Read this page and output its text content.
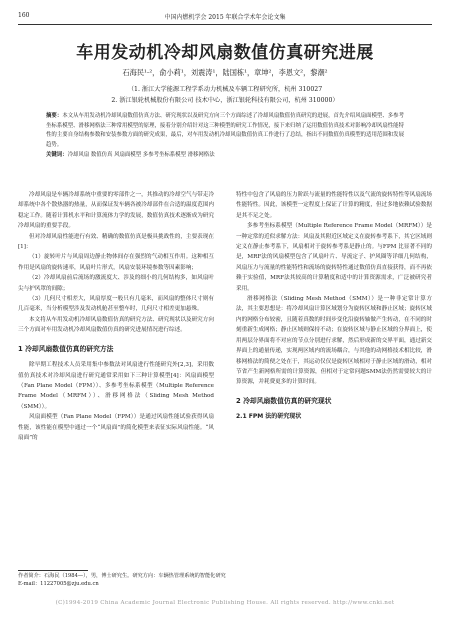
160	中国内燃机学会 2015 年联合学术年会论文集
车用发动机冷却风扇数值仿真研究进展
石海民¹·²，俞小莉¹，刘震涛¹，陆国栋¹，章坤²，李恩文²，黎潮²
（1. 浙江大学能源工程学系动力机械及车辆工程研究所，杭州 310027
2. 浙江银轮机械股份有限公司 技术中心，浙江银轮科技有限公司，杭州 310000）
摘要：本文从车用发动机冷却风扇数值仿真方法、研究现状以及研究方向三个方面综述了冷却风扇数值仿真研究的进展，首先介绍风扇面模型、多参考坐标系模型、滑移网格法三种常用模型的原理，接着分别介绍针对这三种模型的研究工作情况，接下来归纳了运用数值仿真技术对影响冷却风扇性能特性的主要自身结构参数和安装参数方面的研究成果，最后，对车用发动机冷却风扇数值仿真工作进行了总结，指出不同数值仿真模型的适用范围和发展趋势。
关键词：冷却风扇 数值仿真 风扇面模型 多参考坐标系模型 滑移网格法

冷却风扇是车辆冷却系统中重要的零部件之一，其推动的冷却空气与带走冷却系统中各个散热器的热量，从而保证发车辆各被冷却部件在合适的温度范围内稳定工作。随着计算机水平和计算流体力学的发展，数值仿真技术逐渐成为研究冷却风扇的重要手段。

但对冷却风扇性能进行有效、精确的数值仿真是极具挑战性的，主要表现在[1]：

（1）旋转叶片与风扇周边静止物体间存在强烈的气动相互作用。这种相互作用是风扇的旋转速率，风扇叶片形式，风扇安装环境参数等因素影响；

（2）冷却风扇前后流场的激流度大、涉及的细小的几何结构多，如风扇叶尖与护风罩的间隙；

（3）几何尺寸相差大，风扇厚度一般只有几毫米，而风扇的整体尺寸则有几百毫米，当分析模型涉及发动机舱甚至整车时，几何尺寸相差更加悬殊。

本文将从车用发动机冷却风扇数值仿真的研究方法、研究现状以及研究方向三个方面对车用发动机冷却风扇数值仿真的研究进展情况进行综述。

1 冷却风扇数值仿真的研究方法

除早期工程技术人员采用集中参数法对风扇进行性能研究外[2,3]，采用数值仿真技术对冷却风扇进行研究通常采用如下三种计算模型[4]：风扇面模型（Fan Plane Model（FPM））、多参考坐标系模型（Multiple Reference Frame Model（MRFM））、滑移网格法（Sliding Mesh Method（SMM））。

风扇面模型（Fan Plane Model（FPM））是通过风扇性能试验获得风扇性能，该性能在模型中通过一个“风扇面”的简化模型来表征实际风扇性能。“风扇面”的

特性中包含了风扇的压力阶跃与流量的性能特性以及气流的旋转特性等风扇流场性能特性。因此，该模型一定程度上保证了计算的精度，但过多地依赖试验数据是其不足之处。

多参考坐标系模型（Multiple Reference Frame Model（MRFM））是一种定常的近似求解方法：风扇及其附近区域定义在旋转参考系下，其它区域则定义在静止参考系下，风扇相对于旋转参考系是静止的。与FPM 比显著不同的是，MRF法的风扇模型包含了风扇叶片、导流定子、护风圈等详细几何结构，风扇压力与流量的性能特性和流场的旋转特性通过数值仿真直接获得，而不再依赖于实验值，MRF法其较高的计算精度和适中的计算资源需求，广泛被研究者采用。

滑移网格法（Sliding Mesh Method（SMM））是一种非定常计算方法，其主要思想是：将冷却风扇计算区域划分为旋转区域和静止区域；旋转区域内的网格分布较密，且随着真数的时间步变化沿旋转轴做产生转动，在不同的时刻重新生成网格；静止区域则保持不动；在旋转区域与静止区域的分界面上，使用两层分界面将不对应的节点分别进行求解，然后形成新的交界平面，通过新交界面上的通量传递，实现两区域内的流场耦合，与其他的动网格技术相比较，滑移网格法的简便之处在于，其运动仅仅是旋转区域相对于静止区域的滑动，相对节省产生新网格所需的计算资源，但相对于定常问题SMM法仍然需要较大的计算资源，并耗费更多的计算时间。

2 冷却风扇数值仿真的研究现状
2.1 FPM 法的研究现状
作者简介：石海民（1984—），男，博士研究生。研究方向：车辆热管理系统的智能化研究
E-mail：11227005@zju.edu.cn
(C)1994-2019 China Academic Journal Electronic Publishing House. All rights reserved. http://www.cnki.net
